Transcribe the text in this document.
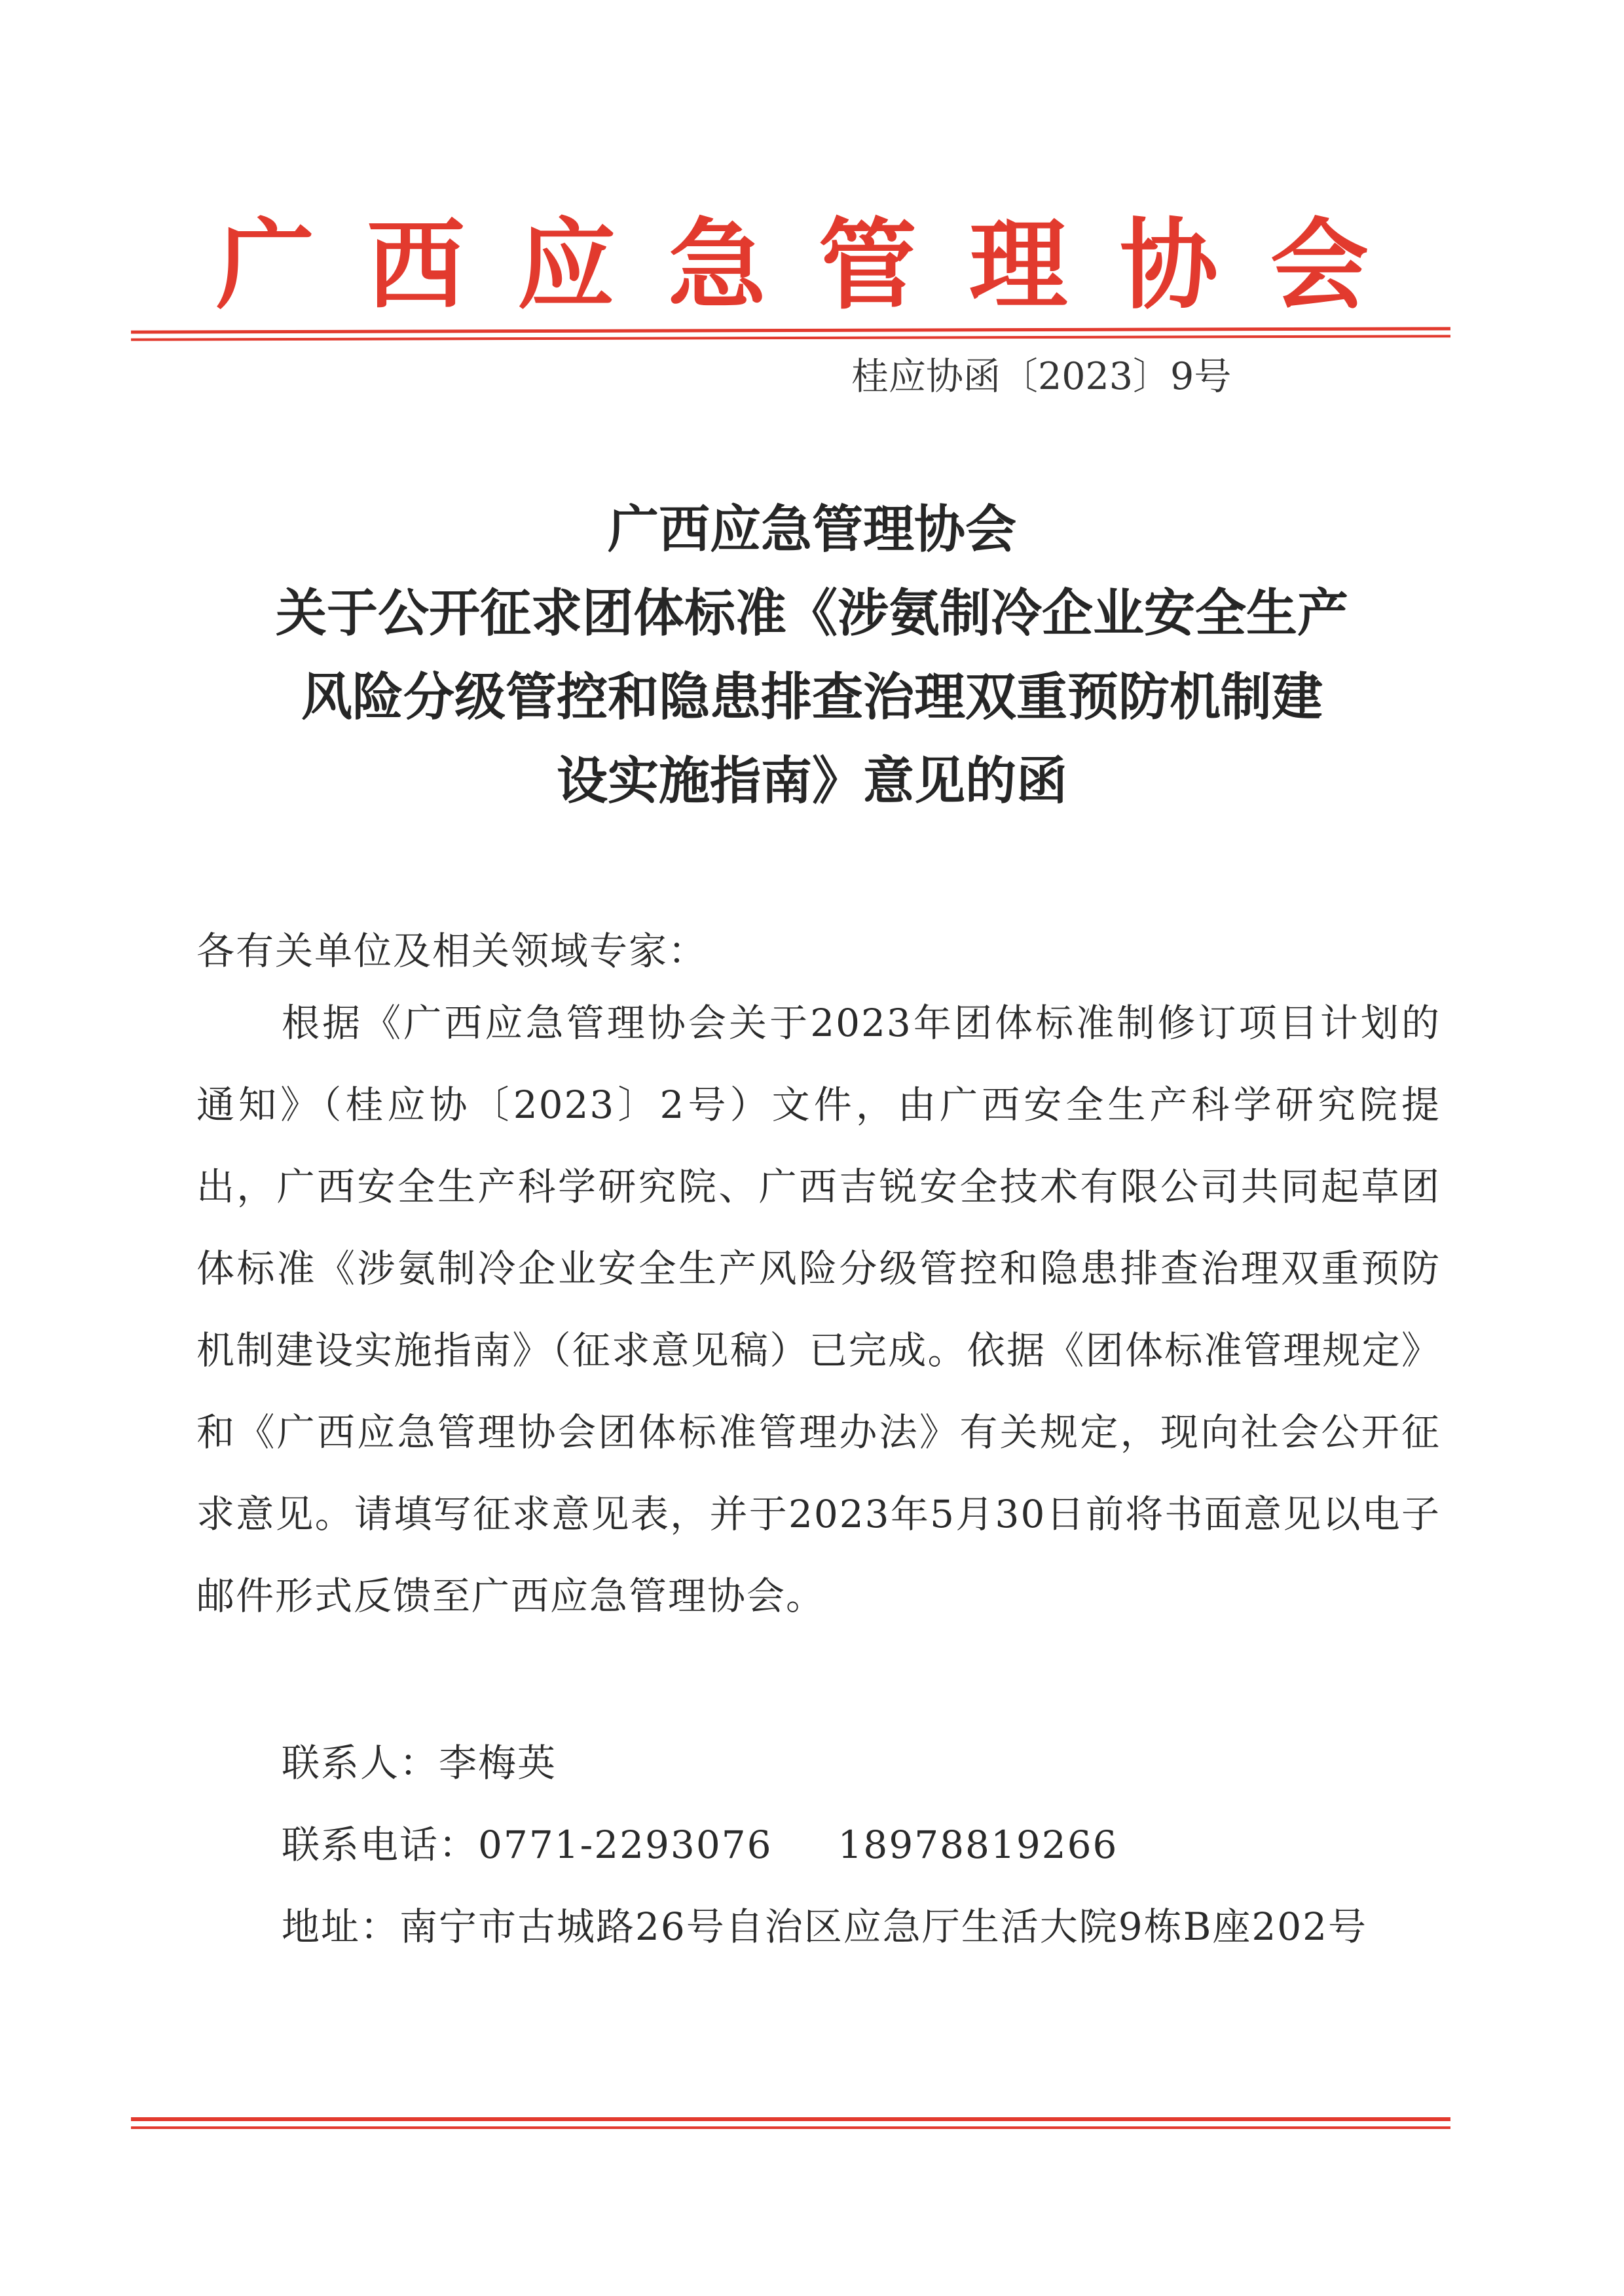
广 西 应 急 管 理 协 会
桂应协函〔2023〕9号
广西应急管理协会
关于公开征求团体标准《涉氨制冷企业安全生产
风险分级管控和隐患排查治理双重预防机制建
设实施指南》意见的函
各有关单位及相关领域专家：

根据《广西应急管理协会关于2023年团体标准制修订项目计划的通知》（桂应协〔2023〕2号）文件，由广西安全生产科学研究院提出，广西安全生产科学研究院、广西吉锐安全技术有限公司共同起草团体标准《涉氨制冷企业安全生产风险分级管控和隐患排查治理双重预防机制建设实施指南》（征求意见稿）已完成。依据《团体标准管理规定》和《广西应急管理协会团体标准管理办法》有关规定，现向社会公开征求意见。请填写征求意见表，并于2023年5月30日前将书面意见以电子邮件形式反馈至广西应急管理协会。

联系人：李梅英
联系电话：0771-2293076 18978819266

地址：南宁市古城路26号自治区应急厅生活大院9栋B座202号
